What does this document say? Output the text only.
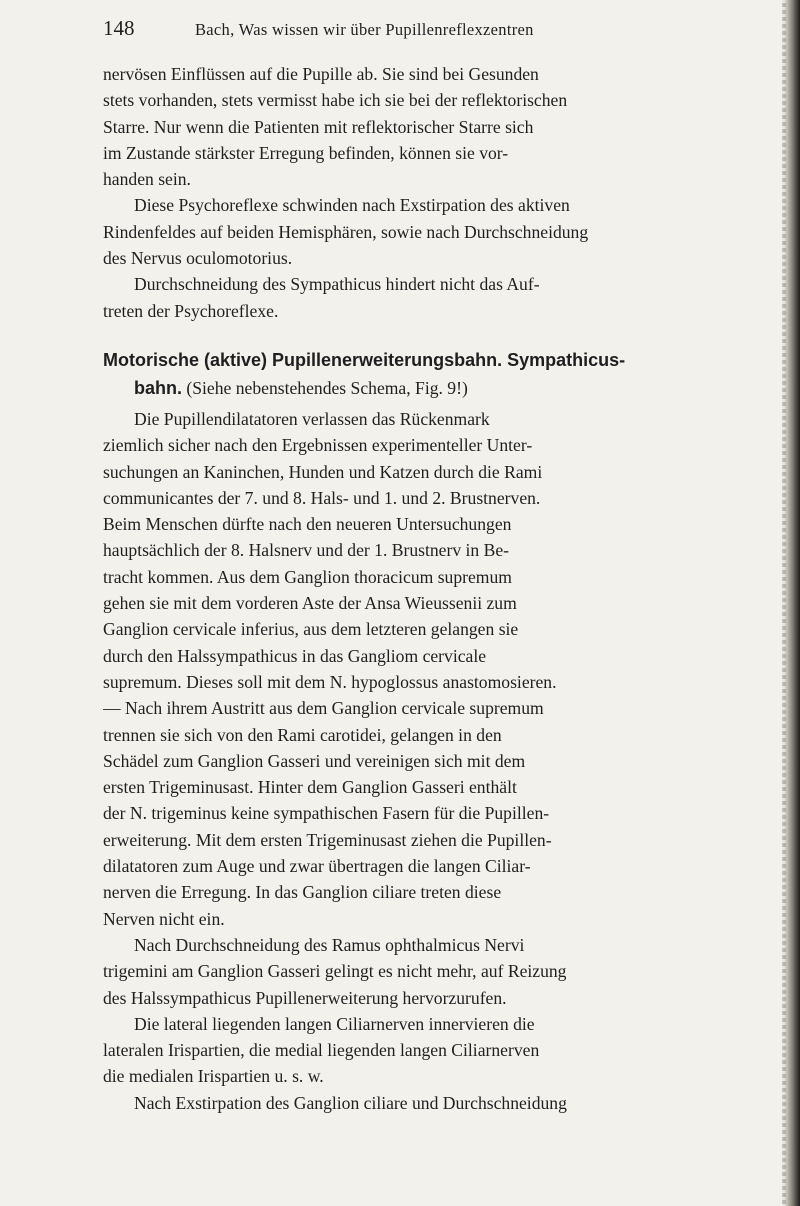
148	Bach, Was wissen wir über Pupillenreflexzentren

nervösen Einflüssen auf die Pupille ab. Sie sind bei Gesunden
stets vorhanden, stets vermisst habe ich sie bei der reflektorischen
Starre. Nur wenn die Patienten mit reflektorischer Starre sich
im Zustande stärkster Erregung befinden, können sie vor-
handen sein.

Diese Psychoreflexe schwinden nach Exstirpation des aktiven
Rindenfeldes auf beiden Hemisphären, sowie nach Durchschneidung
des Nervus oculomotorius.

Durchschneidung des Sympathicus hindert nicht das Auf-
treten der Psychoreflexe.

Motorische (aktive) Pupillenerweiterungsbahn. Sympathicus-
bahn. (Siehe nebenstehendes Schema, Fig. 9!)

Die Pupillendilatatoren verlassen das Rückenmark
ziemlich sicher nach den Ergebnissen experimenteller Unter-
suchungen an Kaninchen, Hunden und Katzen durch die Rami
communicantes der 7. und 8. Hals- und 1. und 2. Brustnerven.
Beim Menschen dürfte nach den neueren Untersuchungen
hauptsächlich der 8. Halsnerv und der 1. Brustnerv in Be-
tracht kommen. Aus dem Ganglion thoracicum supremum
gehen sie mit dem vorderen Aste der Ansa Wieussenii zum
Ganglion cervicale inferius, aus dem letzteren gelangen sie
durch den Halssympathicus in das Gangliom cervicale
supremum. Dieses soll mit dem N. hypoglossus anastomosieren.
— Nach ihrem Austritt aus dem Ganglion cervicale supremum
trennen sie sich von den Rami carotidei, gelangen in den
Schädel zum Ganglion Gasseri und vereinigen sich mit dem
ersten Trigeminusast. Hinter dem Ganglion Gasseri enthält
der N. trigeminus keine sympathischen Fasern für die Pupillen-
erweiterung. Mit dem ersten Trigeminusast ziehen die Pupillen-
dilatatoren zum Auge und zwar übertragen die langen Ciliar-
nerven die Erregung. In das Ganglion ciliare treten diese
Nerven nicht ein.

Nach Durchschneidung des Ramus ophthalmicus Nervi
trigemini am Ganglion Gasseri gelingt es nicht mehr, auf Reizung
des Halssympathicus Pupillenerweiterung hervorzurufen.

Die lateral liegenden langen Ciliarnerven innervieren die
lateralen Irispartien, die medial liegenden langen Ciliarnerven
die medialen Irispartien u. s. w.

Nach Exstirpation des Ganglion ciliare und Durchschneidung
